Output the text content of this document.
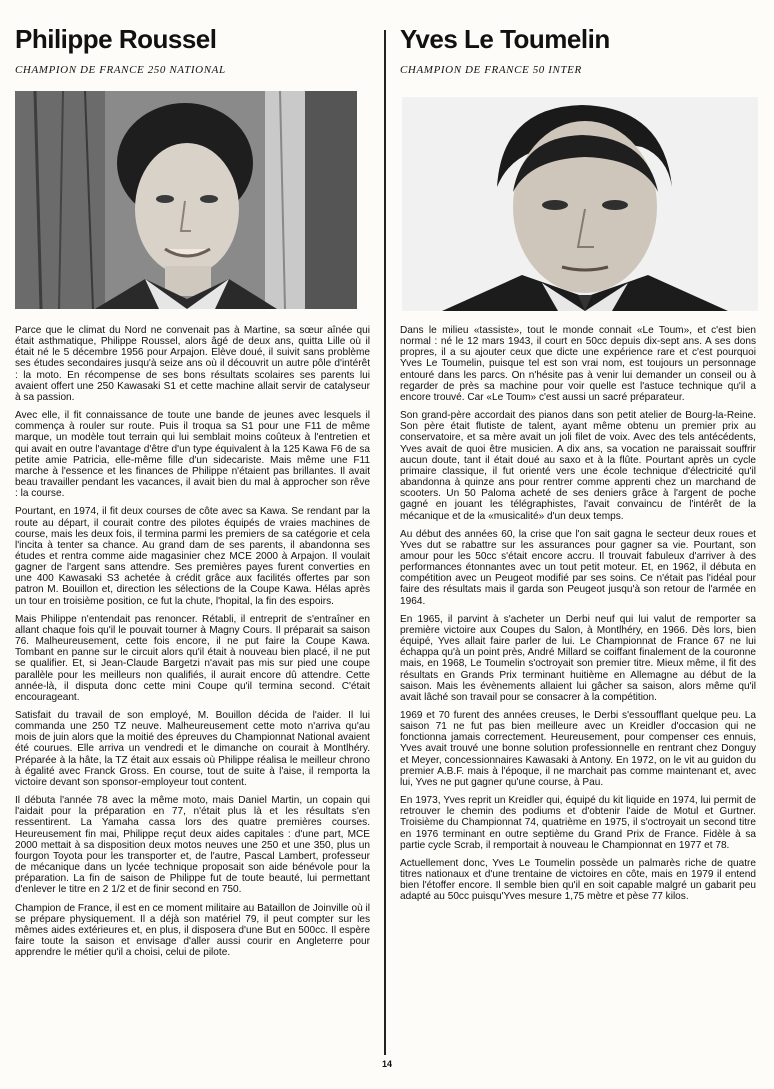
Philippe Roussel
CHAMPION DE FRANCE 250 NATIONAL

Parce que le climat du Nord ne convenait pas à Martine, sa sœur aînée qui était asthmatique, Philippe Roussel, alors âgé de deux ans, quitta Lille où il était né le 5 décembre 1956 pour Arpajon. Elève doué, il suivit sans problème ses études secondaires jusqu'à seize ans où il découvrit un autre pôle d'intérêt : la moto. En récompense de ses bons résultats scolaires ses parents lui avaient offert une 250 Kawasaki S1 et cette machine allait servir de catalyseur à sa passion.

Avec elle, il fit connaissance de toute une bande de jeunes avec lesquels il commença à rouler sur route. Puis il troqua sa S1 pour une F11 de même marque, un modèle tout terrain qui lui semblait moins coûteux à l'entretien et qui avait en outre l'avantage d'être d'un type équivalent à la 125 Kawa F6 de sa petite amie Patricia, elle-même fille d'un sidecariste. Mais même une F11 marche à l'essence et les finances de Philippe n'étaient pas brillantes. Il avait beau travailler pendant les vacances, il avait bien du mal à approcher son rêve : la course.

Pourtant, en 1974, il fit deux courses de côte avec sa Kawa. Se rendant par la route au départ, il courait contre des pilotes équipés de vraies machines de course, mais les deux fois, il termina parmi les premiers de sa catégorie et cela l'incita à tenter sa chance. Au grand dam de ses parents, il abandonna ses études et rentra comme aide magasinier chez MCE 2000 à Arpajon. Il voulait gagner de l'argent sans attendre. Ses premières payes furent converties en une 400 Kawasaki S3 achetée à crédit grâce aux facilités offertes par son patron M. Bouillon et, direction les sélections de la Coupe Kawa. Hélas après un tour en troisième position, ce fut la chute, l'hopital, la fin des espoirs.

Mais Philippe n'entendait pas renoncer. Rétabli, il entreprit de s'entraîner en allant chaque fois qu'il le pouvait tourner à Magny Cours. Il préparait sa saison 76. Malheureusement, cette fois encore, il ne put faire la Coupe Kawa. Tombant en panne sur le circuit alors qu'il était à nouveau bien placé, il ne put se qualifier. Et, si Jean-Claude Bargetzi n'avait pas mis sur pied une coupe parallèle pour les meilleurs non qualifiés, il aurait encore dû attendre. Cette année-là, il disputa donc cette mini Coupe qu'il termina second. C'était encourageant.

Satisfait du travail de son employé, M. Bouillon décida de l'aider. Il lui commanda une 250 TZ neuve. Malheureusement cette moto n'arriva qu'au mois de juin alors que la moitié des épreuves du Championnat National avaient été courues. Elle arriva un vendredi et le dimanche on courait à Montlhéry. Préparée à la hâte, la TZ était aux essais où Philippe réalisa le meilleur chrono à égalité avec Franck Gross. En course, tout de suite à l'aise, il remporta la victoire devant son sponsor-employeur tout content.

Il débuta l'année 78 avec la même moto, mais Daniel Martin, un copain qui l'aidait pour la préparation en 77, n'était plus là et les résultats s'en ressentirent. La Yamaha cassa lors des quatre premières courses. Heureusement fin mai, Philippe reçut deux aides capitales : d'une part, MCE 2000 mettait à sa disposition deux motos neuves une 250 et une 350, plus un fourgon Toyota pour les transporter et, de l'autre, Pascal Lambert, professeur de mécanique dans un lycée technique proposait son aide bénévole pour la préparation. La fin de saison de Philippe fut de toute beauté, lui permettant d'enlever le titre en 2 1/2 et de finir second en 750.

Champion de France, il est en ce moment militaire au Bataillon de Joinville où il se prépare physiquement. Il a déjà son matériel 79, il peut compter sur les mêmes aides extérieures et, en plus, il disposera d'une But en 500cc. Il espère faire toute la saison et envisage d'aller aussi courir en Angleterre pour apprendre le métier qu'il a choisi, celui de pilote.

Yves Le Toumelin
CHAMPION DE FRANCE 50 INTER

Dans le milieu «tassiste», tout le monde connait «Le Toum», et c'est bien normal : né le 12 mars 1943, il court en 50cc depuis dix-sept ans. A ses dons propres, il a su ajouter ceux que dicte une expérience rare et c'est pourquoi Yves Le Toumelin, puisque tel est son vrai nom, est toujours un personnage entouré dans les parcs. On n'hésite pas à venir lui demander un conseil ou à regarder de près sa machine pour voir quelle est l'astuce technique qu'il a encore trouvé. Car «Le Toum» c'est aussi un sacré préparateur.

Son grand-père accordait des pianos dans son petit atelier de Bourg-la-Reine. Son père était flutiste de talent, ayant même obtenu un premier prix au conservatoire, et sa mère avait un joli filet de voix. Avec des tels antécédents, Yves avait de quoi être musicien. A dix ans, sa vocation ne paraissait souffrir aucun doute, tant il était doué au saxo et à la flûte. Pourtant après un cycle primaire classique, il fut orienté vers une école technique d'électricité qu'il abandonna à quinze ans pour rentrer comme apprenti chez un marchand de scooters. Un 50 Paloma acheté de ses deniers grâce à l'argent de poche gagné en jouant les télégraphistes, l'avait convaincu de l'intérêt de la mécanique et de la «musicalité» d'un deux temps.

Au début des années 60, la crise que l'on sait gagna le secteur deux roues et Yves dut se rabattre sur les assurances pour gagner sa vie. Pourtant, son amour pour les 50cc s'était encore accru. Il trouvait fabuleux d'arriver à des performances étonnantes avec un tout petit moteur. Et, en 1962, il débuta en compétition avec un Peugeot modifié par ses soins. Ce n'était pas l'idéal pour faire des résultats mais il garda son Peugeot jusqu'à son retour de l'armée en 1964.

En 1965, il parvint à s'acheter un Derbi neuf qui lui valut de remporter sa première victoire aux Coupes du Salon, à Montlhéry, en 1966. Dès lors, bien équipé, Yves allait faire parler de lui. Le Championnat de France 67 ne lui échappa qu'à un point près, André Millard se coiffant finalement de la couronne mais, en 1968, Le Toumelin s'octroyait son premier titre. Mieux même, il fit des résultats en Grands Prix terminant huitième en Allemagne au début de la saison. Mais les évènements allaient lui gâcher sa saison, alors même qu'il avait lâché son travail pour se consacrer à la compétition.

1969 et 70 furent des années creuses, le Derbi s'essoufflant quelque peu. La saison 71 ne fut pas bien meilleure avec un Kreidler d'occasion qui ne fonctionna jamais correctement. Heureusement, pour compenser ces ennuis, Yves avait trouvé une bonne solution professionnelle en rentrant chez Donguy et Meyer, concessionnaires Kawasaki à Antony. En 1972, on le vit au guidon du premier A.B.F. mais à l'époque, il ne marchait pas comme maintenant et, avec lui, Yves ne put gagner qu'une course, à Pau.

En 1973, Yves reprit un Kreidler qui, équipé du kit liquide en 1974, lui permit de retrouver le chemin des podiums et d'obtenir l'aide de Motul et Gurtner. Troisième du Championnat 74, quatrième en 1975, il s'octroyait un second titre en 1976 terminant en outre septième du Grand Prix de France. Fidèle à sa partie cycle Scrab, il remportait à nouveau le Championnat en 1977 et 78.

Actuellement donc, Yves Le Toumelin possède un palmarès riche de quatre titres nationaux et d'une trentaine de victoires en côte, mais en 1979 il entend bien l'étoffer encore. Il semble bien qu'il en soit capable malgré un gabarit peu adapté au 50cc puisqu'Yves mesure 1,75 mètre et pèse 77 kilos.

14
